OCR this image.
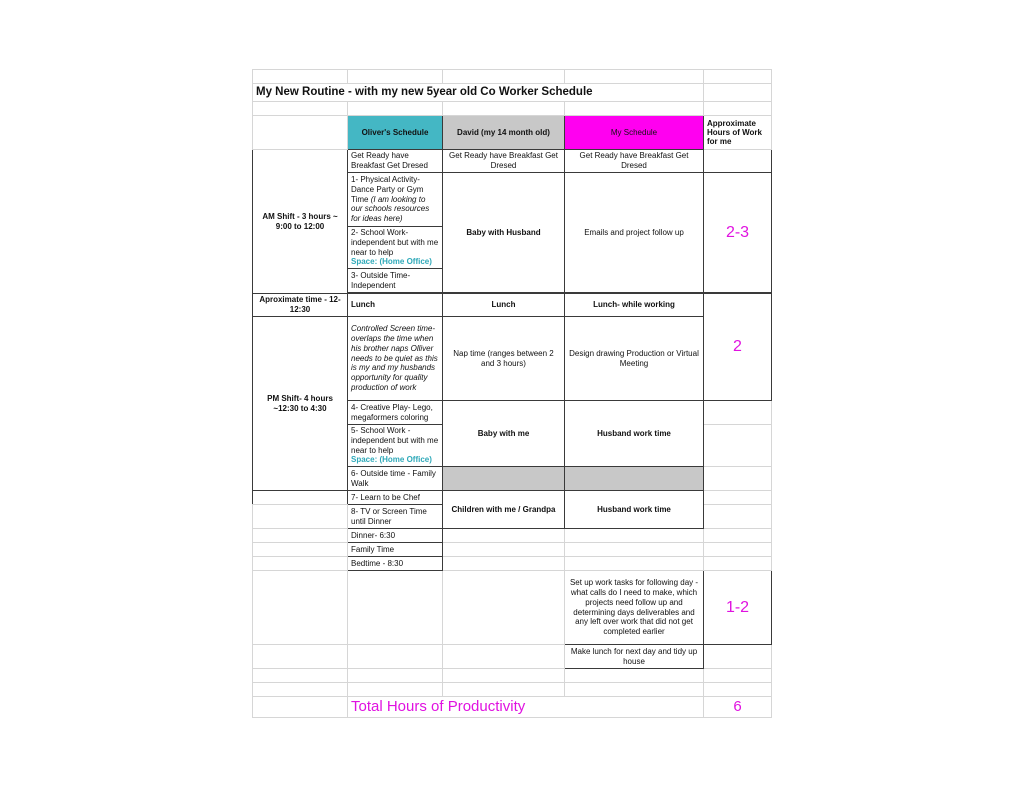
My New Routine - with my new 5year old Co Worker Schedule				

	Oliver's Schedule	David (my 14 month old)	My Schedule	Approximate Hours of Work for me
AM Shift - 3 hours ~ 9:00 to 12:00	Get Ready have Breakfast Get Dresed	Get Ready have Breakfast Get Dresed	Get Ready have Breakfast Get Dresed	
	1- Physical Activity- Dance Party or Gym Time (I am looking to our schools resources for ideas here)	Baby with Husband	Emails and project follow up	2-3
	2- School Work- independent but with me near to help
Space: (Home Office)			

	3- Outside Time- Independent			

Aproximate time - 12- 12:30	Lunch	Lunch	Lunch- while working	2
PM Shift- 4 hours ~12:30 to 4:30	Controlled Screen time- overlaps the time when his brother naps Olliver needs to be quiet as this is my and my husbands opportunity for quality production of work	Nap time (ranges between 2 and 3 hours)	Design drawing Production or Virtual Meeting	
	4- Creative Play- Lego, megaformers coloring	Baby with me	Husband work time	
	5- School Work - independent but with me near to help
Space: (Home Office)			

	6- Outside time - Family Walk			
	7- Learn to be Chef	Children with me / Grandpa	Husband work time	
	8- TV or Screen Time until Dinner			
	Dinner- 6:30			
	Family Time			
	Bedtime - 8:30			
			Set up work tasks for following day - what calls do I need to make, which projects need follow up and determining days deliverables and any left over work that did not get completed earlier	1-2
			Make lunch for next day and tidy up house	

	Total Hours of Productivity			6
